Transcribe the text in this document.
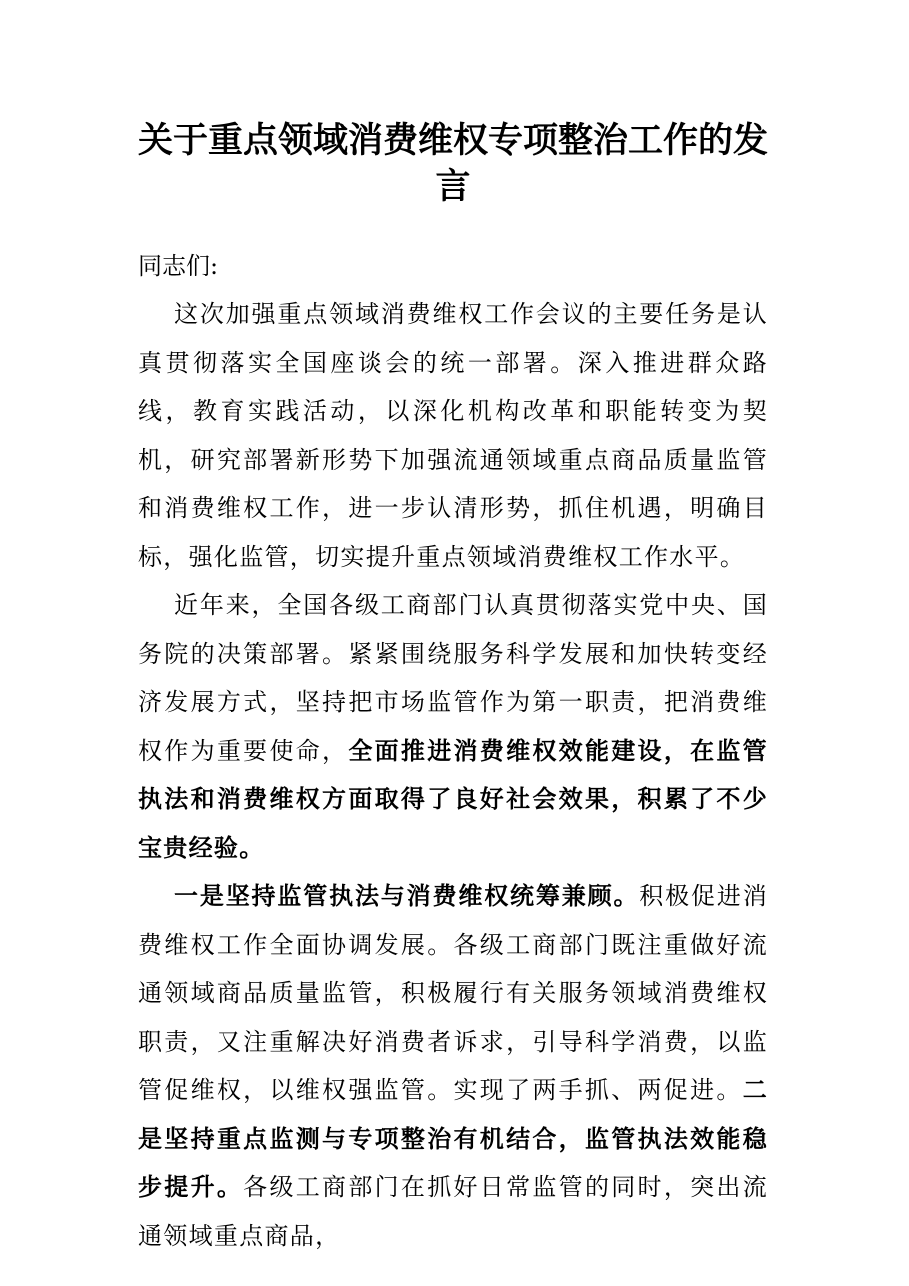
关于重点领域消费维权专项整治工作的发言

同志们:

这次加强重点领域消费维权工作会议的主要任务是认真贯彻落实全国座谈会的统一部署。深入推进群众路线，教育实践活动，以深化机构改革和职能转变为契机，研究部署新形势下加强流通领域重点商品质量监管和消费维权工作，进一步认清形势，抓住机遇，明确目标，强化监管，切实提升重点领域消费维权工作水平。

近年来，全国各级工商部门认真贯彻落实党中央、国务院的决策部署。紧紧围绕服务科学发展和加快转变经济发展方式，坚持把市场监管作为第一职责，把消费维权作为重要使命，全面推进消费维权效能建设，在监管执法和消费维权方面取得了良好社会效果，积累了不少宝贵经验。

一是坚持监管执法与消费维权统筹兼顾。积极促进消费维权工作全面协调发展。各级工商部门既注重做好流通领域商品质量监管，积极履行有关服务领域消费维权职责，又注重解决好消费者诉求，引导科学消费，以监管促维权，以维权强监管。实现了两手抓、两促进。二是坚持重点监测与专项整治有机结合，监管执法效能稳步提升。各级工商部门在抓好日常监管的同时，突出流通领域重点商品，
